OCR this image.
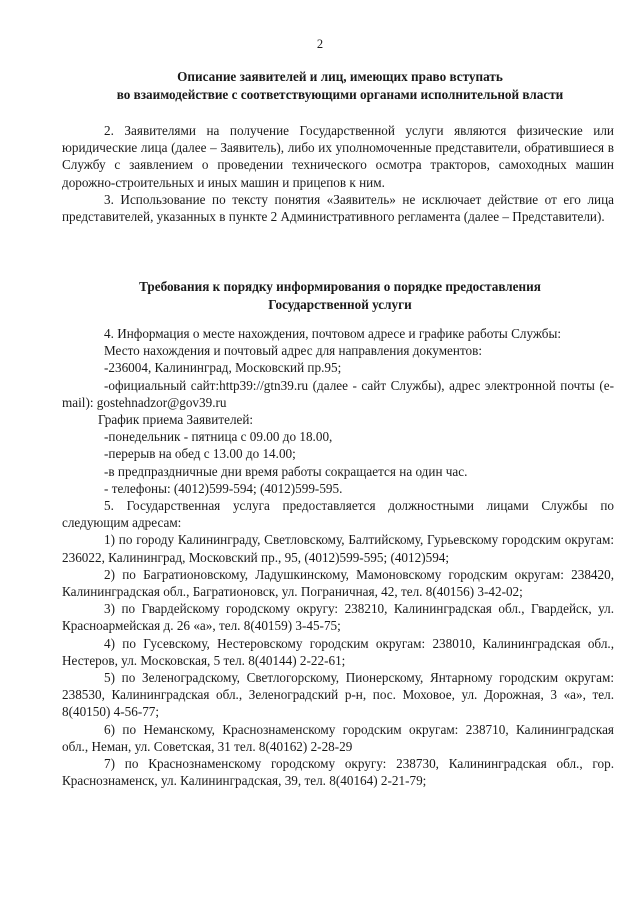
2
Описание заявителей и лиц, имеющих право вступать
во взаимодействие с соответствующими органами исполнительной власти

2. Заявителями на получение Государственной услуги являются физические или юридические лица (далее – Заявитель), либо их уполномоченные представители, обратившиеся в Службу с заявлением о проведении технического осмотра тракторов, самоходных машин дорожно-строительных и иных машин и прицепов к ним.

3. Использование по тексту понятия «Заявитель» не исключает действие от его лица представителей, указанных в пункте 2 Административного регламента (далее – Представители).

Требования к порядку информирования о порядке предоставления
Государственной услуги

4. Информация о месте нахождения, почтовом адресе и графике работы Службы:

Место нахождения и почтовый адрес для направления документов:

-236004, Калининград, Московский пр.95;

-официальный сайт:http39://gtn39.ru (далее - сайт Службы), адрес электронной почты (e-mail): gostehnadzor@gov39.ru

График приема Заявителей:

-понедельник - пятница с 09.00 до 18.00,

-перерыв на обед с 13.00 до 14.00;

-в предпраздничные дни время работы сокращается на один час.

- телефоны: (4012)599-594; (4012)599-595.

5. Государственная услуга предоставляется должностными лицами Службы по следующим адресам:

1) по городу Калининграду, Светловскому, Балтийскому, Гурьевскому городским округам: 236022, Калининград, Московский пр., 95, (4012)599-595; (4012)594;

2) по Багратионовскому, Ладушкинскому, Мамоновскому городским округам: 238420, Калининградская обл., Багратионовск, ул. Пограничная, 42, тел. 8(40156) 3-42-02;

3) по Гвардейскому городскому округу: 238210, Калининградская обл., Гвардейск, ул. Красноармейская д. 26 «а», тел. 8(40159) 3-45-75;

4) по Гусевскому, Нестеровскому городским округам: 238010, Калининградская обл., Нестеров, ул. Московская, 5 тел. 8(40144) 2-22-61;

5) по Зеленоградскому, Светлогорскому, Пионерскому, Янтарному городским округам: 238530, Калининградская обл., Зеленоградский р-н, пос. Моховое, ул. Дорожная, 3 «а», тел. 8(40150) 4-56-77;

6) по Неманскому, Краснознаменскому городским округам: 238710, Калининградская обл., Неман, ул. Советская, 31 тел. 8(40162) 2-28-29

7) по Краснознаменскому городскому округу: 238730, Калининградская обл., гор. Краснознаменск, ул. Калининградская, 39, тел. 8(40164) 2-21-79;
